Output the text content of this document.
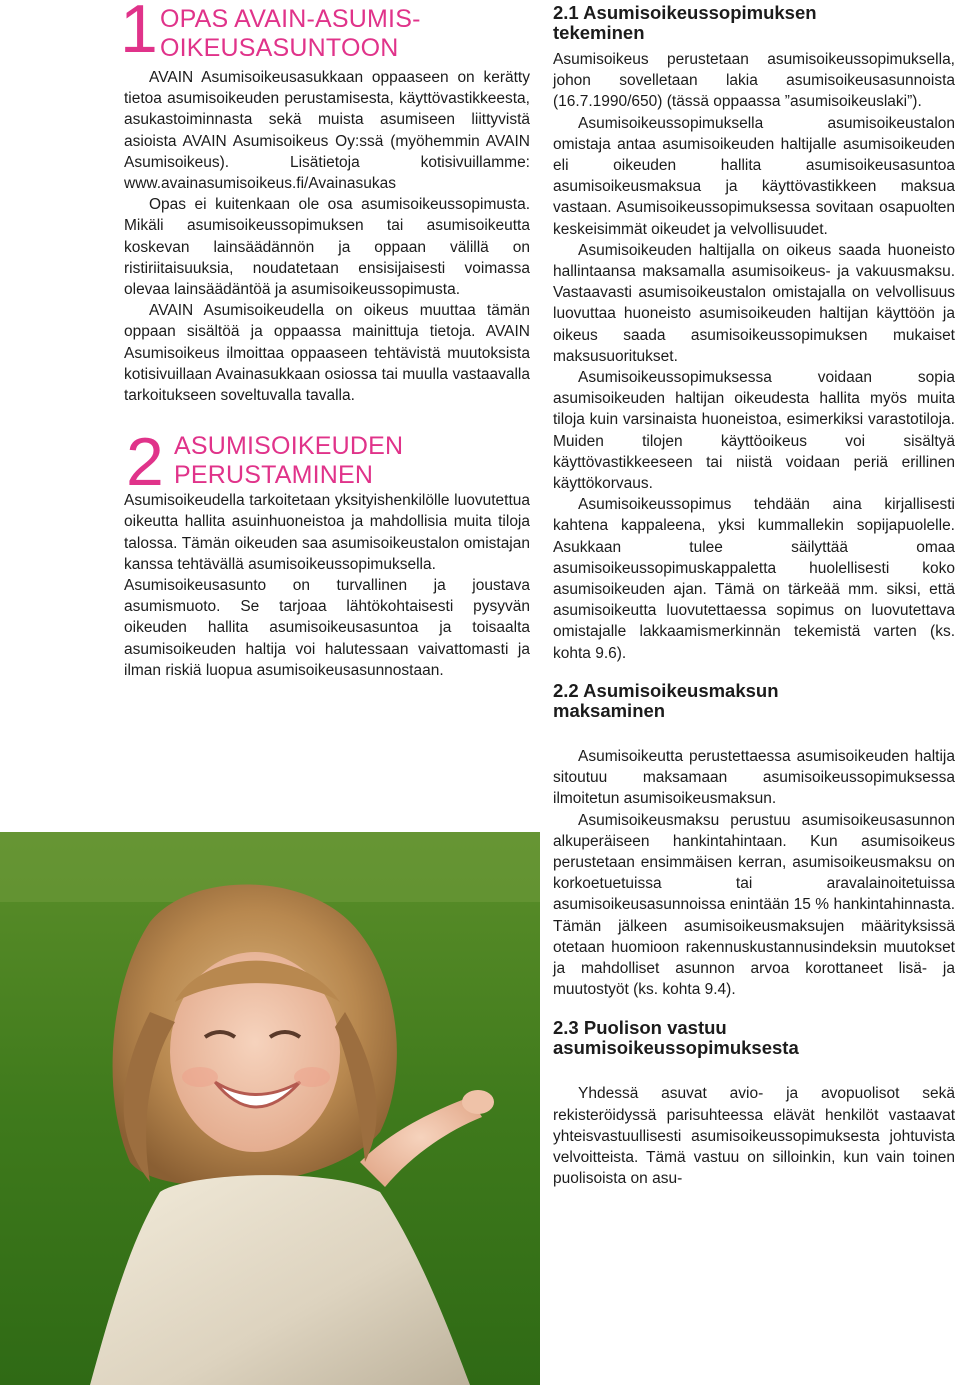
1 OPAS AVAIN-ASUMIS-
OIKEUSASUNTOON

AVAIN Asumisoikeusasukkaan oppaaseen on kerätty tietoa asumisoikeuden perustamisesta, käyttövastikkeesta, asukastoiminnasta sekä muista asumiseen liittyvistä asioista AVAIN Asumisoikeus Oy:ssä (myöhemmin AVAIN Asumisoikeus). Lisätietoja kotisivuillamme: www.avainasumisoikeus.fi/Avainasukas

Opas ei kuitenkaan ole osa asumisoikeussopimusta. Mikäli asumisoikeussopimuksen tai asumisoikeutta koskevan lainsäädännön ja oppaan välillä on ristiriitaisuuksia, noudatetaan ensisijaisesti voimassa olevaa lainsäädäntöä ja asumisoikeussopimusta.

AVAIN Asumisoikeudella on oikeus muuttaa tämän oppaan sisältöä ja oppaassa mainittuja tietoja. AVAIN Asumisoikeus ilmoittaa oppaaseen tehtävistä muutoksista kotisivuillaan Avainasukkaan osiossa tai muulla vastaavalla tarkoitukseen soveltuvalla tavalla.

2 ASUMISOIKEUDEN
PERUSTAMINEN

Asumisoikeudella tarkoitetaan yksityishenkilölle luovutettua oikeutta hallita asuinhuoneistoa ja mahdollisia muita tiloja talossa. Tämän oikeuden saa asumisoikeustalon omistajan kanssa tehtävällä asumisoikeussopimuksella.

Asumisoikeusasunto on turvallinen ja joustava asumismuoto. Se tarjoaa lähtökohtaisesti pysyvän oikeuden hallita asumisoikeusasuntoa ja toisaalta asumisoikeuden haltija voi halutessaan vaivattomasti ja ilman riskiä luopua asumisoikeusasunnostaan.

2.1 Asumisoikeussopimuksen
tekeminen

Asumisoikeus perustetaan asumisoikeussopimuksella, johon sovelletaan lakia asumisoikeusasunnoista (16.7.1990/650) (tässä oppaassa ”asumisoikeuslaki”).

Asumisoikeussopimuksella asumisoikeustalon omistaja antaa asumisoikeuden haltijalle asumisoikeuden eli oikeuden hallita asumisoikeusasuntoa asumisoikeusmaksua ja käyttövastikkeen maksua vastaan. Asumisoikeussopimuksessa sovitaan osapuolten keskeisimmät oikeudet ja velvollisuudet.

Asumisoikeuden haltijalla on oikeus saada huoneisto hallintaansa maksamalla asumisoikeus- ja vakuusmaksu. Vastaavasti asumisoikeustalon omistajalla on velvollisuus luovuttaa huoneisto asumisoikeuden haltijan käyttöön ja oikeus saada asumisoikeussopimuksen mukaiset maksusuoritukset.

Asumisoikeussopimuksessa voidaan sopia asumisoikeuden haltijan oikeudesta hallita myös muita tiloja kuin varsinaista huoneistoa, esimerkiksi varastotiloja. Muiden tilojen käyttöoikeus voi sisältyä käyttövastikkeeseen tai niistä voidaan periä erillinen käyttökorvaus.

Asumisoikeussopimus tehdään aina kirjallisesti kahtena kappaleena, yksi kummallekin sopijapuolelle. Asukkaan tulee säilyttää omaa asumisoikeussopimuskappaletta huolellisesti koko asumisoikeuden ajan. Tämä on tärkeää mm. siksi, että asumisoikeutta luovutettaessa sopimus on luovutettava omistajalle lakkaamismerkinnän tekemistä varten (ks. kohta 9.6).

2.2 Asumisoikeusmaksun
maksaminen

Asumisoikeutta perustettaessa asumisoikeuden haltija sitoutuu maksamaan asumisoikeussopimuksessa ilmoitetun asumisoikeusmaksun.

Asumisoikeusmaksu perustuu asumisoikeusasunnon alkuperäiseen hankintahintaan. Kun asumisoikeus perustetaan ensimmäisen kerran, asumisoikeusmaksu on korkoetuetuissa tai aravalainoitetuissa asumisoikeusasunnoissa enintään 15 % hankintahinnasta. Tämän jälkeen asumisoikeusmaksujen määrityksissä otetaan huomioon rakennuskustannusindeksin muutokset ja mahdolliset asunnon arvoa korottaneet lisä- ja muutostyöt (ks. kohta 9.4).

2.3 Puolison vastuu
asumisoikeussopimuksesta

Yhdessä asuvat avio- ja avopuolisot sekä rekisteröidyssä parisuhteessa elävät henkilöt vastaavat yhteisvastuullisesti asumisoikeussopimuksesta johtuvista velvoitteista. Tämä vastuu on silloinkin, kun vain toinen puolisoista on asu-
